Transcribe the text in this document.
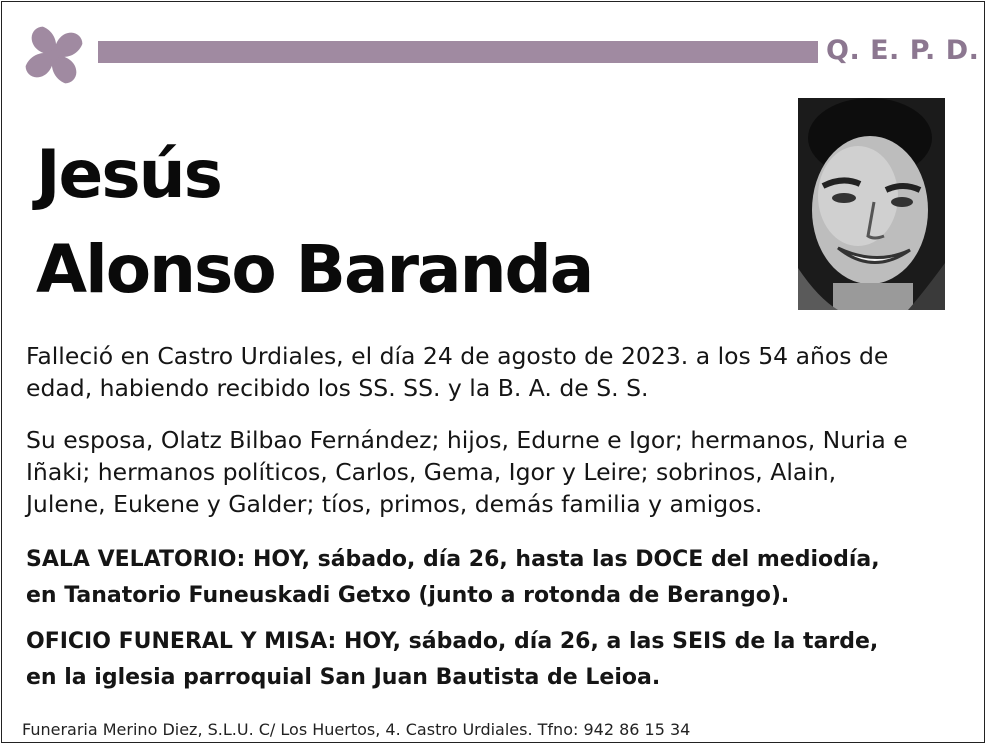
Q. E. P. D.
Jesús
Alonso Baranda

Falleció en Castro Urdiales, el día 24 de agosto de 2023. a los 54 años de

edad, habiendo recibido los SS. SS. y la B. A. de S. S.

Su esposa, Olatz Bilbao Fernández; hijos, Edurne e Igor; hermanos, Nuria e

Iñaki; hermanos políticos, Carlos, Gema, Igor y Leire; sobrinos, Alain,

Julene, Eukene y Galder; tíos, primos, demás familia y amigos.

SALA VELATORIO: HOY, sábado, día 26, hasta las DOCE del mediodía,

en Tanatorio Funeuskadi Getxo (junto a rotonda de Berango).

OFICIO FUNERAL Y MISA: HOY, sábado, día 26, a las SEIS de la tarde,

en la iglesia parroquial San Juan Bautista de Leioa.

Funeraria Merino Diez, S.L.U. C/ Los Huertos, 4. Castro Urdiales. Tfno: 942 86 15 34
